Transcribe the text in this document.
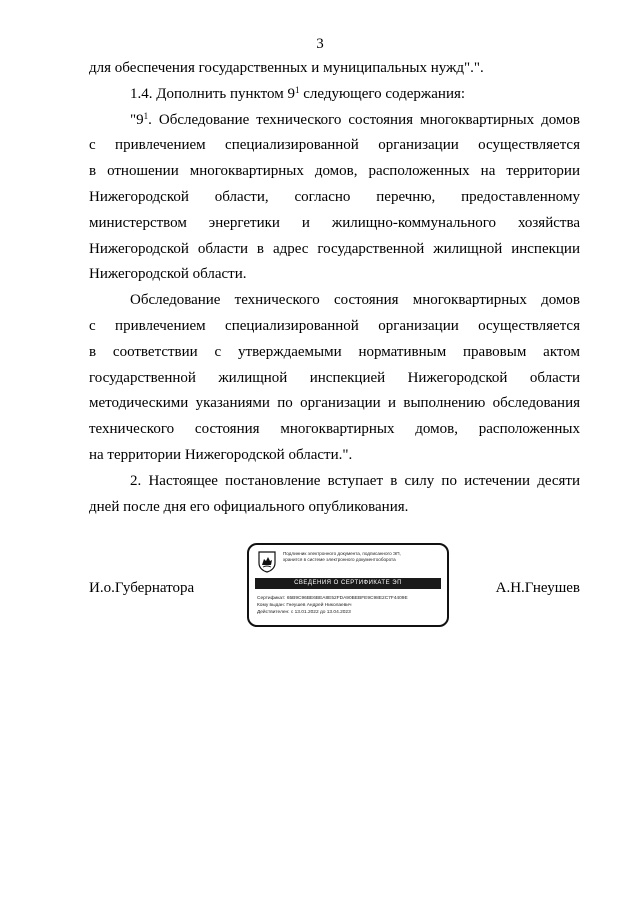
3
для обеспечения государственных и муниципальных нужд".".
1.4. Дополнить пунктом $9^1$ следующего содержания:
"$9^1$. Обследование технического состояния многоквартирных домов
с привлечением специализированной организации осуществляется
в отношении многоквартирных домов, расположенных на территории
Нижегородской области, согласно перечню, предоставленному
министерством энергетики и жилищно-коммунального хозяйства
Нижегородской области в адрес государственной жилищной инспекции
Нижегородской области.
Обследование технического состояния многоквартирных домов
с привлечением специализированной организации осуществляется
в соответствии с утверждаемыми нормативным правовым актом
государственной жилищной инспекцией Нижегородской области
методическими указаниями по организации и выполнению обследования
технического состояния многоквартирных домов, расположенных
на территории Нижегородской области.".
2. Настоящее постановление вступает в силу по истечении десяти
дней после дня его официального опубликования.
И.о.Губернатора	А.Н.Гнеушев
Подлинник электронного документа, подписанного ЭП,
хранится в системе электронного документооборота
СВЕДЕНИЯ О СЕРТИФИКАТЕ ЭП
Сертификат: 65B9C96BE6BEA8E52FDA90BEBFE9C98E2C7F4409E
Кому выдан: Гнеушев Андрей Николаевич
Действителен: с 13.01.2022 до 13.04.2023
